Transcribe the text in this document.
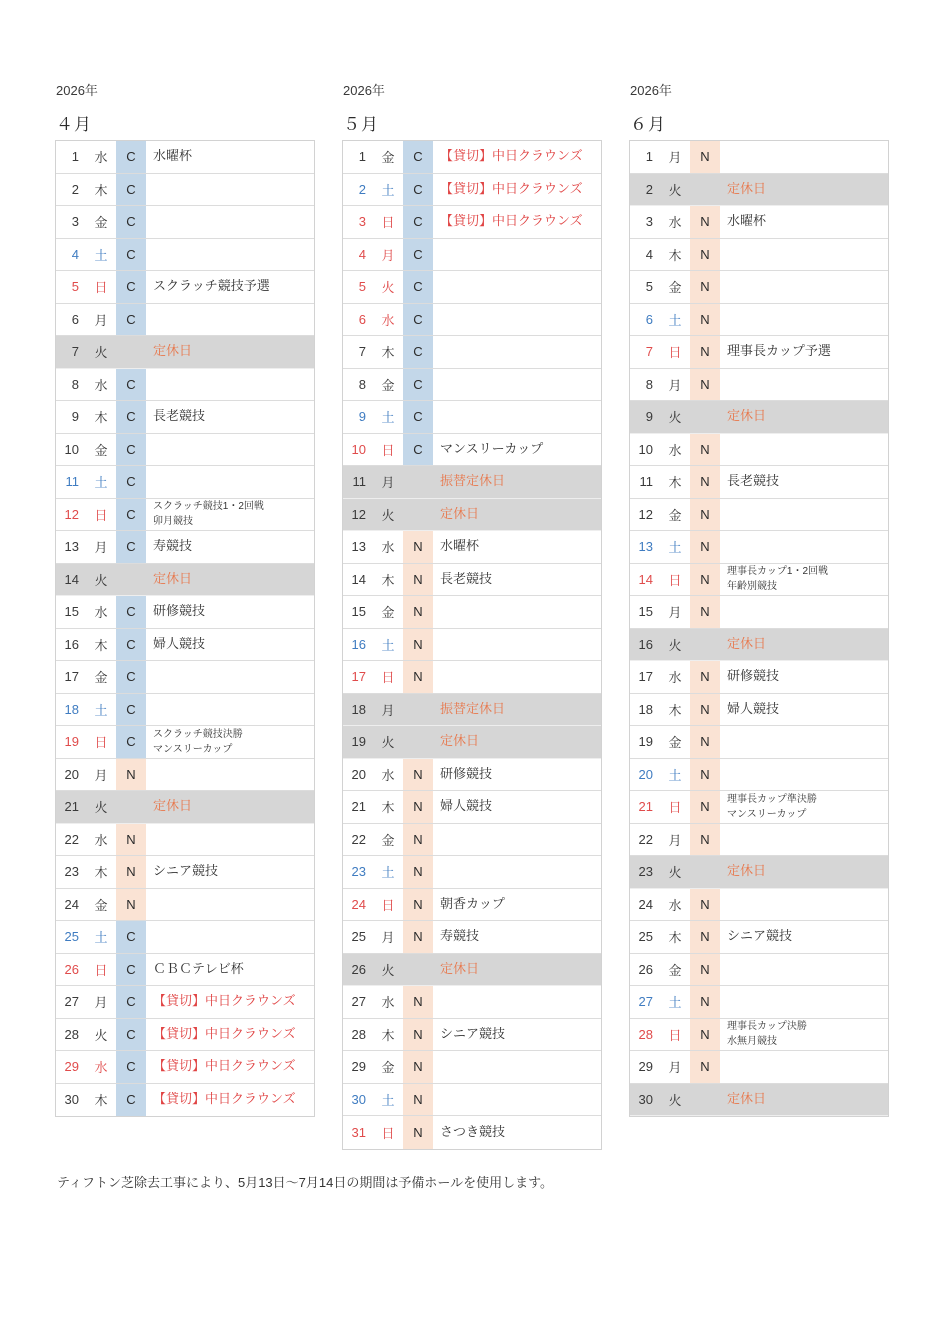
2026年
４月
1	水	C	水曜杯
2	木	C
3	金	C
4	土	C
5	日	C	スクラッチ競技予選
6	月	C
7	火	定休日
8	水	C
9	木	C	長老競技
10	金	C
11	土	C
12	日	C	スクラッチ競技1・2回戦
卯月競技
13	月	C	寿競技
14	火	定休日
15	水	C	研修競技
16	木	C	婦人競技
17	金	C
18	土	C
19	日	C	スクラッチ競技決勝
マンスリーカップ
20	月	N
21	火	定休日
22	水	N
23	木	N	シニア競技
24	金	N
25	土	C
26	日	C	ＣＢＣテレビ杯
27	月	C	【貸切】中日クラウンズ
28	火	C	【貸切】中日クラウンズ
29	水	C	【貸切】中日クラウンズ
30	木	C	【貸切】中日クラウンズ
2026年
５月
1	金	C	【貸切】中日クラウンズ
2	土	C	【貸切】中日クラウンズ
3	日	C	【貸切】中日クラウンズ
4	月	C
5	火	C
6	水	C
7	木	C
8	金	C
9	土	C
10	日	C	マンスリーカップ
11	月	振替定休日
12	火	定休日
13	水	N	水曜杯
14	木	N	長老競技
15	金	N
16	土	N
17	日	N
18	月	振替定休日
19	火	定休日
20	水	N	研修競技
21	木	N	婦人競技
22	金	N
23	土	N
24	日	N	朝香カップ
25	月	N	寿競技
26	火	定休日
27	水	N
28	木	N	シニア競技
29	金	N
30	土	N
31	日	N	さつき競技
2026年
６月
1	月	N
2	火	定休日
3	水	N	水曜杯
4	木	N
5	金	N
6	土	N
7	日	N	理事長カップ予選
8	月	N
9	火	定休日
10	水	N
11	木	N	長老競技
12	金	N
13	土	N
14	日	N	理事長カップ1・2回戦
年齢別競技
15	月	N
16	火	定休日
17	水	N	研修競技
18	木	N	婦人競技
19	金	N
20	土	N
21	日	N	理事長カップ準決勝
マンスリーカップ
22	月	N
23	火	定休日
24	水	N
25	木	N	シニア競技
26	金	N
27	土	N
28	日	N	理事長カップ決勝
水無月競技
29	月	N
30	火	定休日
ティフトン芝除去工事により、5月13日〜7月14日の期間は予備ホールを使用します。
